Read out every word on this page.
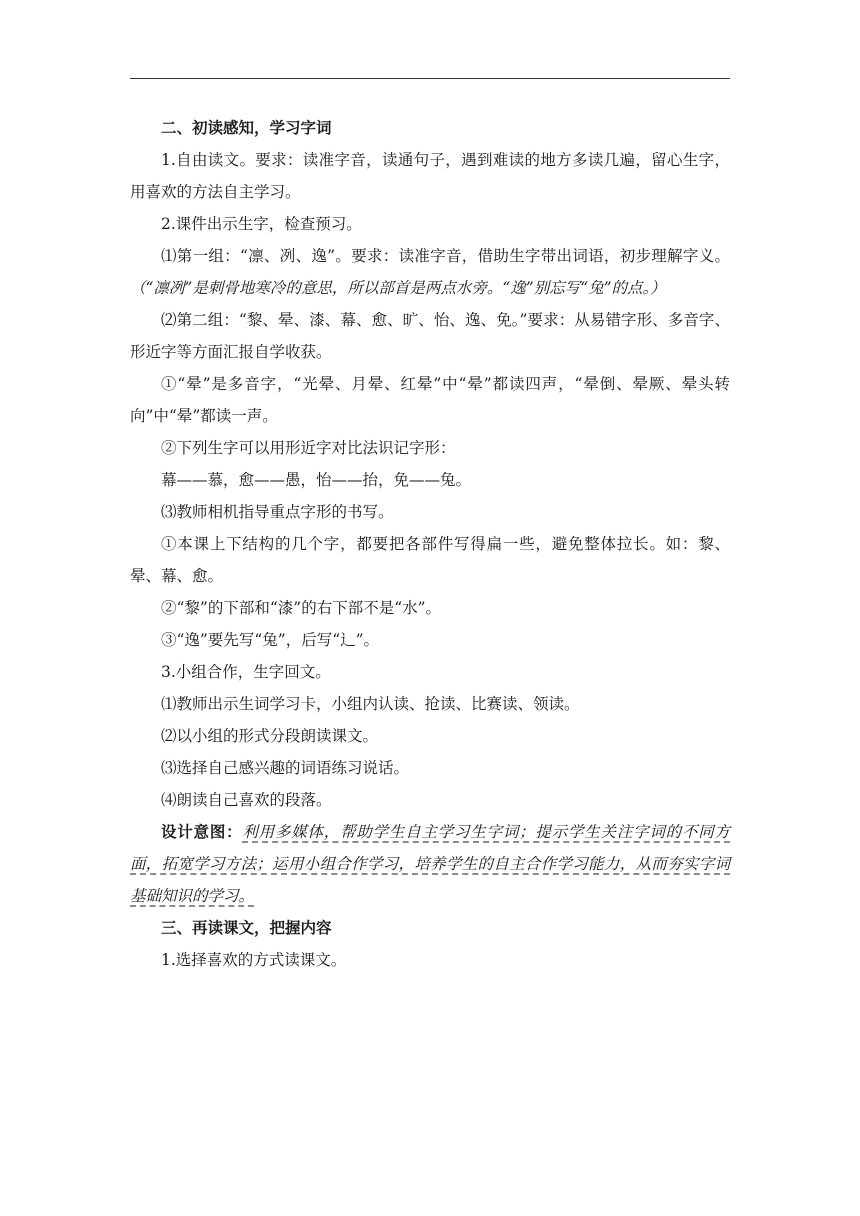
二、初读感知，学习字词

1.自由读文。要求：读准字音，读通句子，遇到难读的地方多读几遍，留心生字，用喜欢的方法自主学习。

2.课件出示生字，检查预习。

⑴第一组：“凛、冽、逸”。要求：读准字音，借助生字带出词语，初步理解字义。（“凛冽”是刺骨地寒冷的意思，所以部首是两点水旁。“逸”别忘写“兔”的点。）

⑵第二组：“黎、晕、漆、幕、愈、旷、怡、逸、免。”要求：从易错字形、多音字、形近字等方面汇报自学收获。

①“晕”是多音字，“光晕、月晕、红晕”中“晕”都读四声，“晕倒、晕厥、晕头转向”中“晕”都读一声。

②下列生字可以用形近字对比法识记字形：

幕——慕，愈——愚，怡——抬，免——兔。

⑶教师相机指导重点字形的书写。

①本课上下结构的几个字，都要把各部件写得扁一些，避免整体拉长。如：黎、晕、幕、愈。

②“黎”的下部和“漆”的右下部不是“水”。

③“逸”要先写“兔”，后写“辶”。

3.小组合作，生字回文。

⑴教师出示生词学习卡，小组内认读、抢读、比赛读、领读。

⑵以小组的形式分段朗读课文。

⑶选择自己感兴趣的词语练习说话。

⑷朗读自己喜欢的段落。

设计意图：利用多媒体，帮助学生自主学习生字词；提示学生关注字词的不同方面，拓宽学习方法；运用小组合作学习，培养学生的自主合作学习能力，从而夯实字词基础知识的学习。

三、再读课文，把握内容

1.选择喜欢的方式读课文。
